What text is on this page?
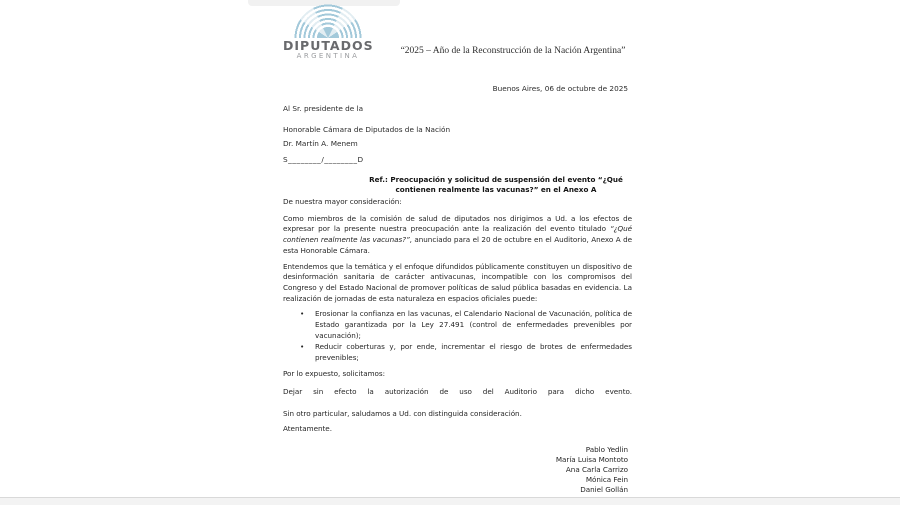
DIPUTADOS
ARGENTINA	“2025 – Año de la Reconstrucción de la Nación Argentina”
Buenos Aires, 06 de octubre de 2025
Al Sr. presidente de la
Honorable Cámara de Diputados de la Nación
Dr. Martín A. Menem
S________/________D
Ref.: Preocupación y solicitud de suspensión del evento “¿Qué contienen realmente las vacunas?” en el Anexo A

De nuestra mayor consideración:

Como miembros de la comisión de salud de diputados nos dirigimos a Ud. a los efectos de expresar por la presente nuestra preocupación ante la realización del evento titulado “¿Qué contienen realmente las vacunas?”, anunciado para el 20 de octubre en el Auditorio, Anexo A de esta Honorable Cámara.

Entendemos que la temática y el enfoque difundidos públicamente constituyen un dispositivo de desinformación sanitaria de carácter antivacunas, incompatible con los compromisos del Congreso y del Estado Nacional de promover políticas de salud pública basadas en evidencia. La realización de jornadas de esta naturaleza en espacios oficiales puede:

• Erosionar la confianza en las vacunas, el Calendario Nacional de Vacunación, política de Estado garantizada por la Ley 27.491 (control de enfermedades prevenibles por vacunación);
• Reducir coberturas y, por ende, incrementar el riesgo de brotes de enfermedades prevenibles;

Por lo expuesto, solicitamos:

Dejar sin efecto la autorización de uso del Auditorio para dicho evento.

Sin otro particular, saludamos a Ud. con distinguida consideración.

Atentamente.

Pablo Yedlin
María Luisa Montoto
Ana Carla Carrizo
Mónica Fein
Daniel Gollán
